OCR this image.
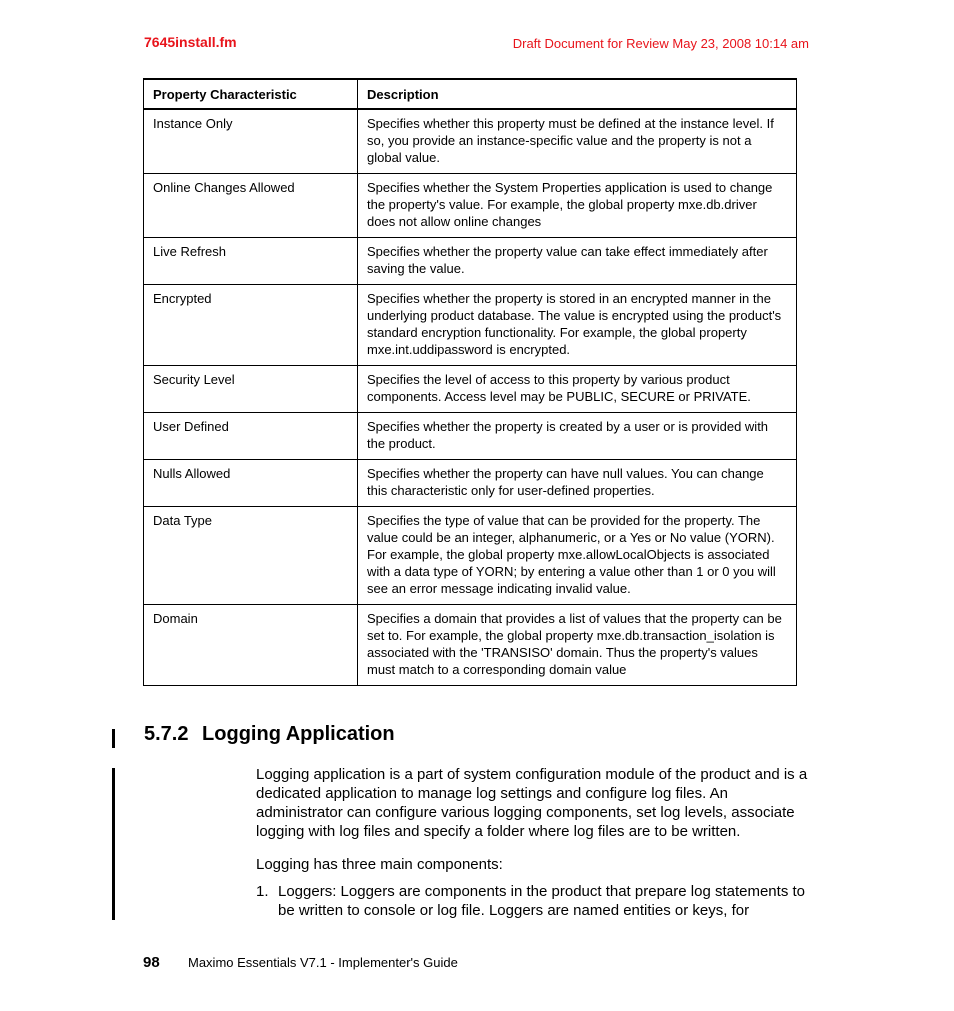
7645install.fm	Draft Document for Review May 23, 2008 10:14 am
Property Characteristic	Description
Instance Only	Specifies whether this property must be defined at the instance level. If so, you provide an instance-specific value and the property is not a global value.
Online Changes Allowed	Specifies whether the System Properties application is used to change the property's value. For example, the global property mxe.db.driver does not allow online changes
Live Refresh	Specifies whether the property value can take effect immediately after saving the value.
Encrypted	Specifies whether the property is stored in an encrypted manner in the underlying product database. The value is encrypted using the product's standard encryption functionality. For example, the global property mxe.int.uddipassword is encrypted.
Security Level	Specifies the level of access to this property by various product components. Access level may be PUBLIC, SECURE or PRIVATE.
User Defined	Specifies whether the property is created by a user or is provided with the product.
Nulls Allowed	Specifies whether the property can have null values. You can change this characteristic only for user-defined properties.
Data Type	Specifies the type of value that can be provided for the property. The value could be an integer, alphanumeric, or a Yes or No value (YORN). For example, the global property mxe.allowLocalObjects is associated with a data type of YORN; by entering a value other than 1 or 0 you will see an error message indicating invalid value.
Domain	Specifies a domain that provides a list of values that the property can be set to. For example, the global property mxe.db.transaction_isolation is associated with the 'TRANSISO' domain. Thus the property's values must match to a corresponding domain value
5.7.2 Logging Application
Logging application is a part of system configuration module of the product and is a dedicated application to manage log settings and configure log files. An administrator can configure various logging components, set log levels, associate logging with log files and specify a folder where log files are to be written.
Logging has three main components:
1. Loggers: Loggers are components in the product that prepare log statements to be written to console or log file. Loggers are named entities or keys, for
98 Maximo Essentials V7.1 - Implementer's Guide
